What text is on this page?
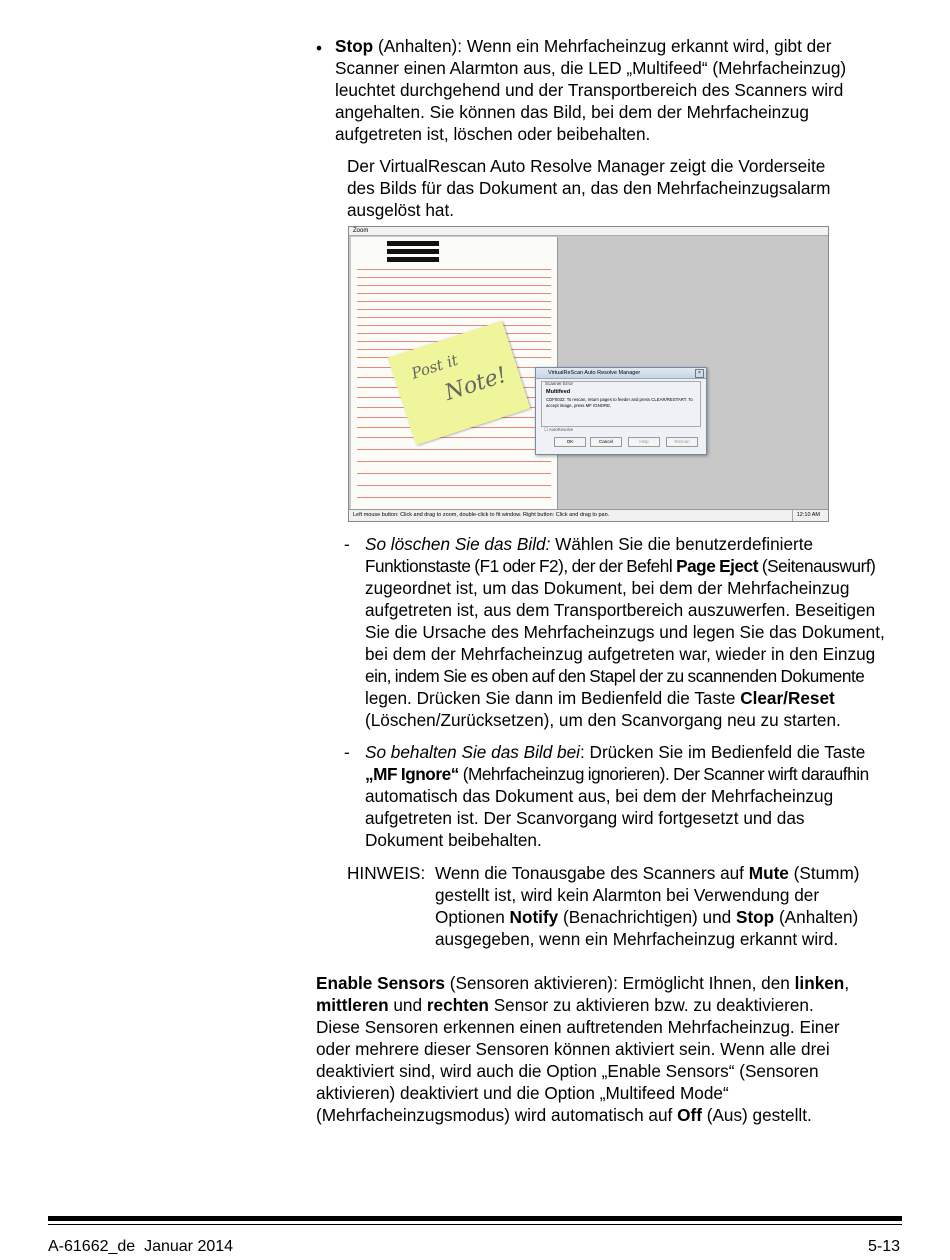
• Stop (Anhalten): Wenn ein Mehrfacheinzug erkannt wird, gibt der
Scanner einen Alarmton aus, die LED „Multifeed“ (Mehrfacheinzug)
leuchtet durchgehend und der Transportbereich des Scanners wird
angehalten. Sie können das Bild, bei dem der Mehrfacheinzug
aufgetreten ist, löschen oder beibehalten.
Der VirtualRescan Auto Resolve Manager zeigt die Vorderseite
des Bilds für das Dokument an, das den Mehrfacheinzugsalarm
ausgelöst hat.
Zoom
Post it
Note!	VirtualReScan Auto Resolve Manager	×
Scanner Error
Multifeed
CDF0032: To rescan, return pages to feeder and press CLEAR/RESTART. To accept image, press MF IGNORE.
☐ AutoResolve
OK	Cancel	Help	Rescan
Left mouse button: Click and drag to zoom, double-click to fit window. Right button: Click and drag to pan.	12:10 AM
- So löschen Sie das Bild: Wählen Sie die benutzerdefinierte
Funktionstaste (F1 oder F2), der der Befehl Page Eject (Seitenauswurf)
zugeordnet ist, um das Dokument, bei dem der Mehrfacheinzug
aufgetreten ist, aus dem Transportbereich auszuwerfen. Beseitigen
Sie die Ursache des Mehrfacheinzugs und legen Sie das Dokument,
bei dem der Mehrfacheinzug aufgetreten war, wieder in den Einzug
ein, indem Sie es oben auf den Stapel der zu scannenden Dokumente
legen. Drücken Sie dann im Bedienfeld die Taste Clear/Reset
(Löschen/Zurücksetzen), um den Scanvorgang neu zu starten.
- So behalten Sie das Bild bei: Drücken Sie im Bedienfeld die Taste
„MF Ignore“ (Mehrfacheinzug ignorieren). Der Scanner wirft daraufhin
automatisch das Dokument aus, bei dem der Mehrfacheinzug
aufgetreten ist. Der Scanvorgang wird fortgesetzt und das
Dokument beibehalten.
HINWEIS: Wenn die Tonausgabe des Scanners auf Mute (Stumm)
gestellt ist, wird kein Alarmton bei Verwendung der
Optionen Notify (Benachrichtigen) und Stop (Anhalten)
ausgegeben, wenn ein Mehrfacheinzug erkannt wird.
Enable Sensors (Sensoren aktivieren): Ermöglicht Ihnen, den linken,
mittleren und rechten Sensor zu aktivieren bzw. zu deaktivieren.
Diese Sensoren erkennen einen auftretenden Mehrfacheinzug. Einer
oder mehrere dieser Sensoren können aktiviert sein. Wenn alle drei
deaktiviert sind, wird auch die Option „Enable Sensors“ (Sensoren
aktivieren) deaktiviert und die Option „Multifeed Mode“
(Mehrfacheinzugsmodus) wird automatisch auf Off (Aus) gestellt.
A-61662_de  Januar 2014	5-13
